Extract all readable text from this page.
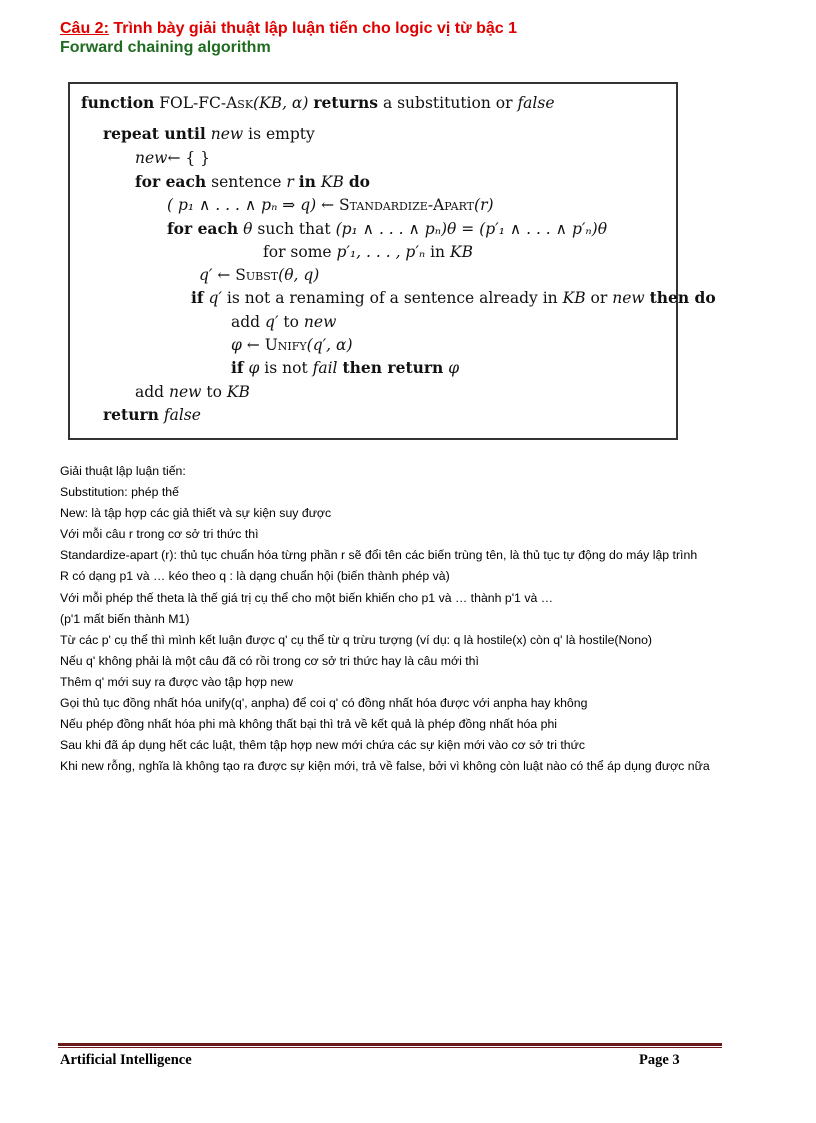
Câu 2: Trình bày giải thuật lập luận tiến cho logic vị từ bậc 1
Forward chaining algorithm
function FOL-FC-Ask(KB, α) returns a substitution or false
repeat until new is empty
new← { }
for each sentence r in KB do
( p₁ ∧ . . . ∧ pₙ ⇒ q) ← Standardize-Apart(r)
for each θ such that (p₁ ∧ . . . ∧ pₙ)θ = (p′₁ ∧ . . . ∧ p′ₙ)θ
for some p′₁, . . . , p′ₙ in KB
q′ ← Subst(θ, q)
if q′ is not a renaming of a sentence already in KB or new then do
add q′ to new
φ ← Unify(q′, α)
if φ is not fail then return φ
add new to KB
return false

Giải thuật lập luận tiến:

Substitution: phép thế

New: là tập hợp các giả thiết và sự kiện suy được

Với mỗi câu r trong cơ sở tri thức thì

Standardize-apart (r): thủ tục chuẩn hóa từng phần r sẽ đổi tên các biến trùng tên, là thủ tục tự động do máy lập trình

R có dạng p1 và … kéo theo q : là dạng chuẩn hội (biến thành phép và)

Với mỗi phép thế theta là thế giá trị cụ thể cho một biến khiến cho p1 và … thành p'1 và …

(p'1 mất biến thành M1)

Từ các p' cụ thể thì mình kết luận được q' cụ thể từ q trừu tượng (ví dụ: q là hostile(x) còn q' là hostile(Nono)

Nếu q' không phải là một câu đã có rồi trong cơ sở tri thức hay là câu mới thì

Thêm q' mới suy ra được vào tập hợp new

Gọi thủ tục đồng nhất hóa unify(q', anpha) để coi q' có đồng nhất hóa được với anpha hay không

Nếu phép đồng nhất hóa phi mà không thất bại thì trả về kết quả là phép đồng nhất hóa phi

Sau khi đã áp dụng hết các luật, thêm tập hợp new mới chứa các sự kiện mới vào cơ sở tri thức

Khi new rỗng, nghĩa là không tạo ra được sự kiện mới, trả về false, bởi vì không còn luật nào có thể áp dụng được nữa

Artificial Intelligence	Page 3
